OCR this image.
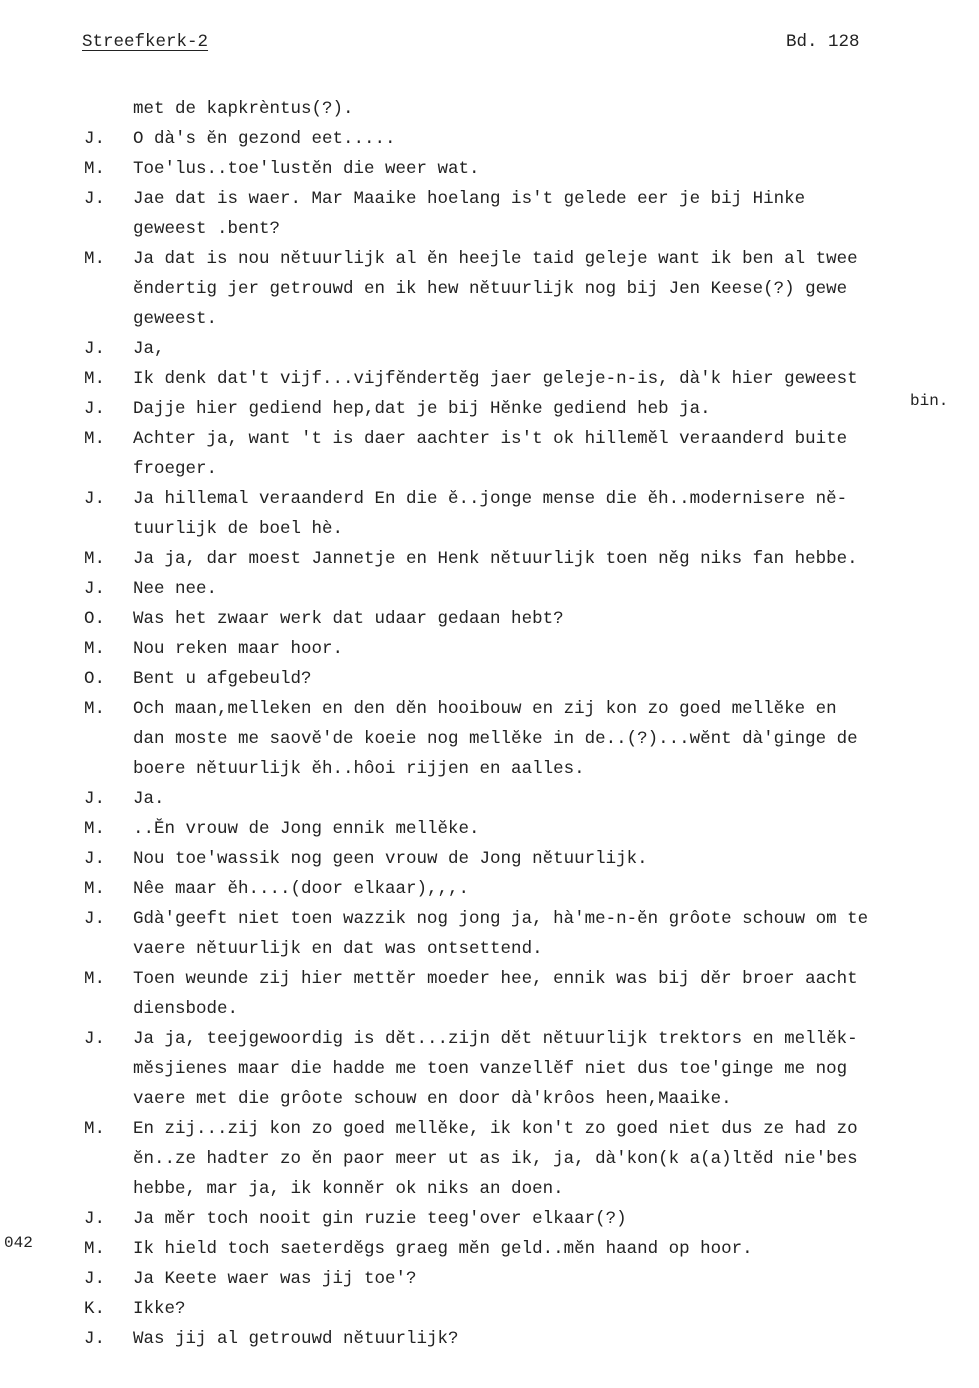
Streefkerk-2	Bd. 128
bin.
met de kapkrèntus(?).
J.	O dà's ĕn gezond eet.....
M.	Toe'lus..toe'lustĕn die weer wat.
J.	Jae dat is waer. Mar Maaike hoelang is't gelede eer je bij Hinke
geweest .bent?
M.	Ja dat is nou nĕtuurlijk al ĕn heejle taid geleje want ik ben al twee
ĕndertig jer getrouwd en ik hew nĕtuurlijk nog bij Jen Keese(?) gewe
geweest.
J.	Ja,
M.	Ik denk dat't vijf...vijfĕndertĕg jaer geleje-n-is, dà'k hier geweest
J.	Dajje hier gediend hep,dat je bij Hĕnke gediend heb ja.
M.	Achter ja, want 't is daer aachter is't ok hillemĕl veraanderd buite
froeger.
J.	Ja hillemal veraanderd En die ĕ..jonge mense die ĕh..modernisere nĕ-
tuurlijk de boel hè.
M.	Ja ja, dar moest Jannetje en Henk nĕtuurlijk toen nĕg niks fan hebbe.
J.	Nee nee.
O.	Was het zwaar werk dat udaar gedaan hebt?
M.	Nou reken maar hoor.
O.	Bent u afgebeuld?
M.	Och maan,melleken en den dĕn hooibouw en zij kon zo goed mellĕke en
dan moste me saovĕ'de koeie nog mellĕke in de..(?)...wĕnt dà'ginge de
boere nĕtuurlijk ĕh..hôoi rijjen en aalles.
J.	Ja.
M.	..Ĕn vrouw de Jong ennik mellĕke.
J.	Nou toe'wassik nog geen vrouw de Jong nĕtuurlijk.
M.	Nêe maar ĕh....(door elkaar),,,.
J.	Gdà'geeft niet toen wazzik nog jong ja, hà'me-n-ĕn grôote schouw om te
vaere nĕtuurlijk en dat was ontsettend.
M.	Toen weunde zij hier mettĕr moeder hee, ennik was bij dĕr broer aacht
diensbode.
J.	Ja ja, teejgewoordig is dĕt...zijn dĕt nĕtuurlijk trektors en mellĕk-
mĕsjienes maar die hadde me toen vanzellĕf niet dus toe'ginge me nog
vaere met die grôote schouw en door dà'krôos heen,Maaike.
M.	En zij...zij kon zo goed mellĕke, ik kon't zo goed niet dus ze had zo
ĕn..ze hadter zo ĕn paor meer ut as ik, ja, dà'kon(k a(a)ltĕd nie'bes
hebbe, mar ja, ik konnĕr ok niks an doen.
J.	Ja mĕr toch nooit gin ruzie teeg'over elkaar(?)
042	M.	Ik hield toch saeterdĕgs graeg mĕn geld..mĕn haand op hoor.
J.	Ja Keete waer was jij toe'?
K.	Ikke?
J.	Was jij al getrouwd nĕtuurlijk?
